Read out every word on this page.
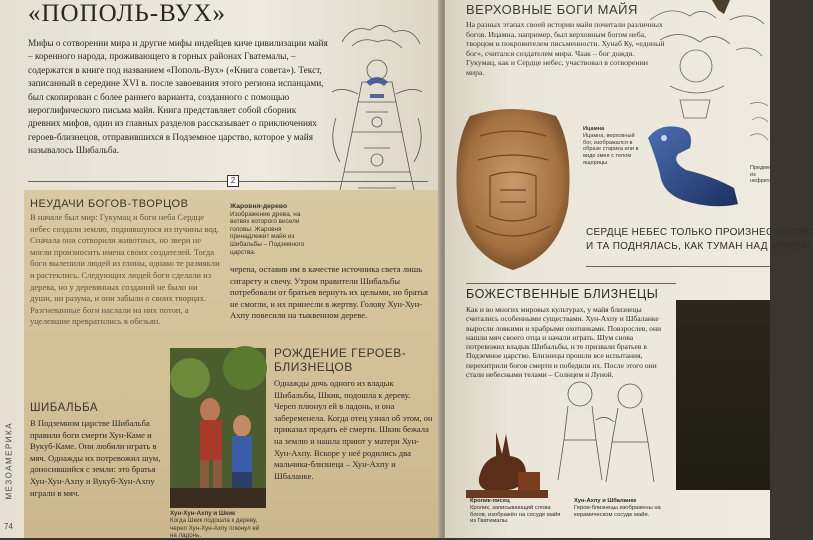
«ПОПОЛЬ-ВУХ»
Мифы о сотворении мира и другие мифы индейцев киче цивилизации майя – коренного народа, проживающего в горных районах Гватемалы, – содержатся в книге под названием «Пополь-Вух» («Книга совета»). Текст, записанный в середине XVI в. после завоевания этого региона испанцами, был скопирован с более раннего варианта, созданного с помощью иероглифического письма майя. Книга представляет собой сборник древних мифов, один из главных разделов рассказывает о приключениях героев-близнецов, отправившихся в Подземное царство, которое у майя называлось Шибальба.
2
НЕУДАЧИ БОГОВ-ТВОРЦОВ
В начале был мир: Гукумац и боги неба Сердце небес создали землю, поднявшуюся из пучины вод. Сначала они сотворили животных, но звери не могли произносить имена своих создателей. Тогда боги вылепили людей из глины, однако те размякли и растеклись. Следующих людей боги сделали из дерева, но у деревянных созданий не было ни души, ни разума, и они забыли о своих творцах. Разгневанные боги наслали на них потоп, а уцелевшие превратились в обезьян.
Жаровня-дерево
Изображение древа, на ветвях которого висели головы. Жаровня принадлежит майя из Шибальбы – Подземного царства.
черепа, оставив им в качестве источника света лишь сигарету и свечу. Утром правители Шибальбы потребовали от братьев вернуть их целыми, но братья не смогли, и их принесли в жертву. Голову Хун-Хун-Ахпу повесили на тыквенном дереве.
ШИБАЛЬБА
В Подземном царстве Шибальба правили боги смерти Хун-Каме и Вукуб-Каме. Они любили играть в мяч. Однажды их потревожил шум, доносившийся с земли: это братья Хун-Хун-Ахпу и Вукуб-Хун-Ахпу играли в мяч.
Хун-Хун-Ахпу и Шкик
Когда Шкик подошла к дереву, череп Хун-Хун-Ахпу плюнул ей на ладонь.
РОЖДЕНИЕ ГЕРОЕВ-БЛИЗНЕЦОВ
Однажды дочь одного из владык Шибальбы, Шкик, подошла к дереву. Череп плюнул ей в ладонь, и она забеременела. Когда отец узнал об этом, он приказал предать её смерти. Шкик бежала на землю и нашла приют у матери Хун-Хун-Ахпу. Вскоре у неё родились два мальчика-близнеца – Хун-Ахпу и Шбаланке.
МЕЗОАМЕРИКА
74
ВЕРХОВНЫЕ БОГИ МАЙЯ
На разных этапах своей истории майя почитали различных богов. Ицамна, например, был верховным богом неба, творцом и покровителем письменности. Хунаб Ку, «единый бог», считался создателем мира. Чаак – бог дождя. Гукумац, как и Сердце небес, участвовал в сотворении мира.
Ицамна
Ицамна, верховный бог, изображался в образе старика или в виде змея с телом ящерицы.
Предметы из нефрита.
СЕРДЦЕ НЕБЕС ТОЛЬКО ПРОИЗНЕС СЛОВО
И ТА ПОДНЯЛАСЬ, КАК ТУМАН НАД МОРЕМ
БОЖЕСТВЕННЫЕ БЛИЗНЕЦЫ
Как и во многих мировых культурах, у майя близнецы считались особенными существами. Хун-Ахпу и Шбаланке выросли ловкими и храбрыми охотниками. Повзрослев, они нашли мяч своего отца и начали играть. Шум снова потревожил владык Шибальбы, и те призвали братьев в Подземное царство. Близнецы прошли все испытания, перехитрили богов смерти и победили их. После этого они стали небесными телами – Солнцем и Луной.
Кролик-писец
Кролик, записывающий слова богов, изображён на сосуде майя из Гватемалы.
Хун-Ахпу и Шбаланке
Герои-близнецы изображены на керамическом сосуде майя.
